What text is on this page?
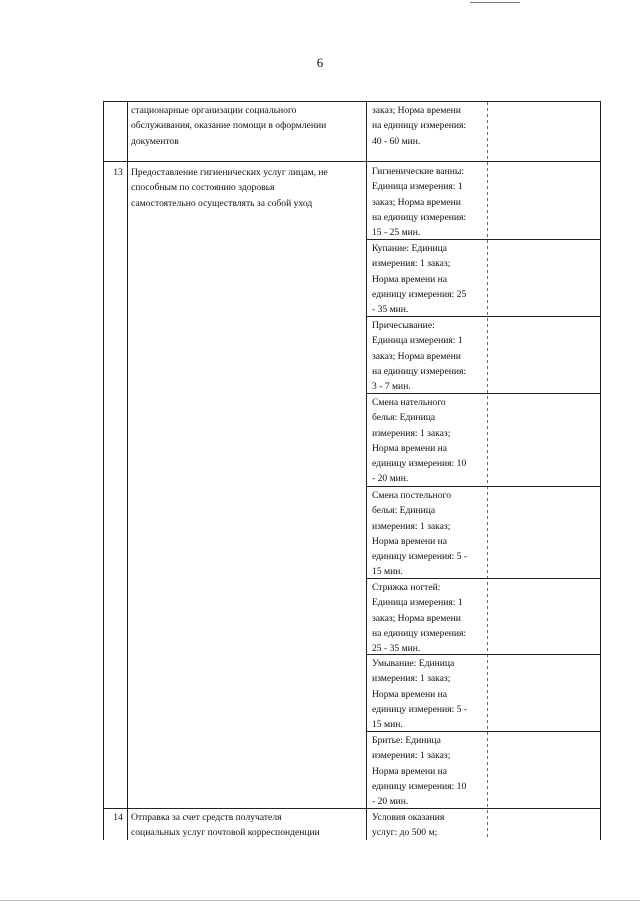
6
стационарные организации социального
обслуживания, оказание помощи в оформлении
документов
заказ; Норма времени
на единицу измерения:
40 - 60 мин.
13 Предоставление гигиенических услуг лицам, не
способным по состоянию здоровья
самостоятельно осуществлять за собой уход
Гигиенические ванны:
Единица измерения: 1
заказ; Норма времени
на единицу измерения:
15 - 25 мин.
Купание: Единица
измерения: 1 заказ;
Норма времени на
единицу измерения: 25
- 35 мин.
Причесывание:
Единица измерения: 1
заказ; Норма времени
на единицу измерения:
3 - 7 мин.
Смена нательного
белья: Единица
измерения: 1 заказ;
Норма времени на
единицу измерения: 10
- 20 мин.
Смена постельного
белья: Единица
измерения: 1 заказ;
Норма времени на
единицу измерения: 5 -
15 мин.
Стрижка ногтей:
Единица измерения: 1
заказ; Норма времени
на единицу измерения:
25 - 35 мин.
Умывание: Единица
измерения: 1 заказ;
Норма времени на
единицу измерения: 5 -
15 мин.
Бритье: Единица
измерения: 1 заказ;
Норма времени на
единицу измерения: 10
- 20 мин.
14 Отправка за счет средств получателя
социальных услуг почтовой корреспонденции
Условия оказания
услуг: до 500 м;
